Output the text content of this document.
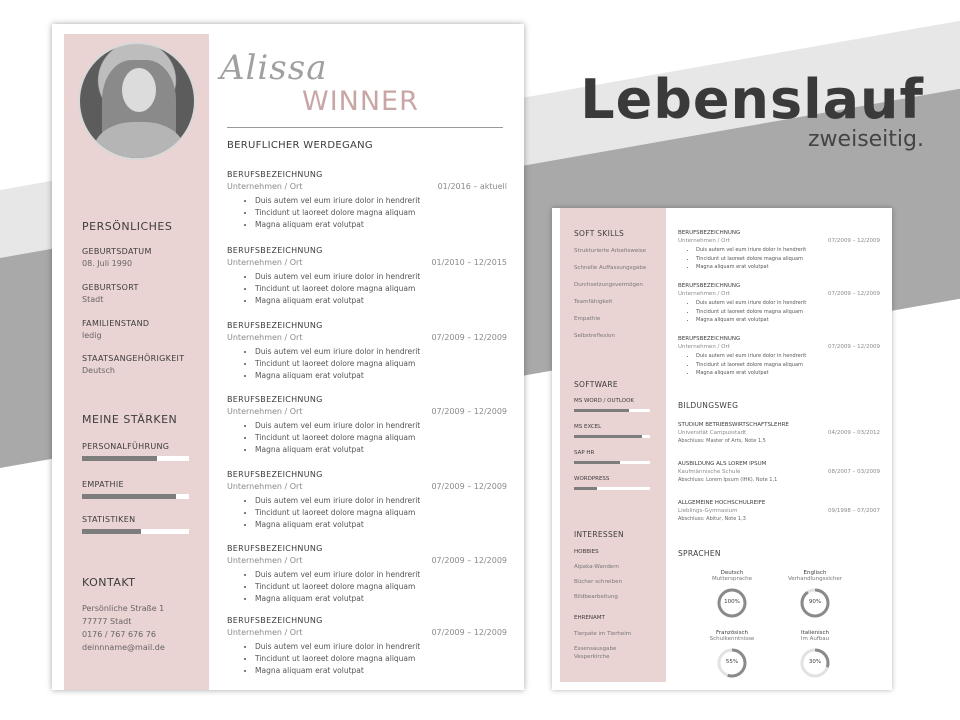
Lebenslauf
zweiseitig.
Alissa
WINNER
BERUFLICHER WERDEGANG
BERUFSBEZEICHNUNG
Unternehmen / Ort	01/2016 – aktuell
• Duis autem vel eum iriure dolor in hendrerit
• Tincidunt ut laoreet dolore magna aliquam
• Magna aliquam erat volutpat
BERUFSBEZEICHNUNG
Unternehmen / Ort	01/2010 – 12/2015
• Duis autem vel eum iriure dolor in hendrerit
• Tincidunt ut laoreet dolore magna aliquam
• Magna aliquam erat volutpat
BERUFSBEZEICHNUNG
Unternehmen / Ort	07/2009 – 12/2009
• Duis autem vel eum iriure dolor in hendrerit
• Tincidunt ut laoreet dolore magna aliquam
• Magna aliquam erat volutpat
BERUFSBEZEICHNUNG
Unternehmen / Ort	07/2009 – 12/2009
• Duis autem vel eum iriure dolor in hendrerit
• Tincidunt ut laoreet dolore magna aliquam
• Magna aliquam erat volutpat
BERUFSBEZEICHNUNG
Unternehmen / Ort	07/2009 – 12/2009
• Duis autem vel eum iriure dolor in hendrerit
• Tincidunt ut laoreet dolore magna aliquam
• Magna aliquam erat volutpat
BERUFSBEZEICHNUNG
Unternehmen / Ort	07/2009 – 12/2009
• Duis autem vel eum iriure dolor in hendrerit
• Tincidunt ut laoreet dolore magna aliquam
• Magna aliquam erat volutpat
BERUFSBEZEICHNUNG
Unternehmen / Ort	07/2009 – 12/2009
• Duis autem vel eum iriure dolor in hendrerit
• Tincidunt ut laoreet dolore magna aliquam
• Magna aliquam erat volutpat
PERSÖNLICHES
GEBURTSDATUM
08. Juli 1990
GEBURTSORT
Stadt
FAMILIENSTAND
ledig
STAATSANGEHÖRIGKEIT
Deutsch
MEINE STÄRKEN
PERSONALFÜHRUNG
EMPATHIE
STATISTIKEN
KONTAKT
Persönliche Straße 1
77777 Stadt
0176 / 767 676 76
deinnname@mail.de
SOFT SKILLS
Strukturierte Arbeitsweise
Schnelle Auffassungsgabe
Durchsetzungsvermögen
Teamfähigkeit
Empathie
Selbstreflexion
SOFTWARE
MS WORD / OUTLOOK
MS EXCEL
SAP HR
WORDPRESS
INTERESSEN
HOBBIES
Alpaka-Wandern
Bücher schreiben
Bildbearbeitung
EHRENAMT
Tierpate im Tierheim
Essensausgabe
Vesperkirche
BERUFSBEZEICHNUNG
Unternehmen / Ort	07/2009 – 12/2009
• Duis autem vel eum iriure dolor in hendrerit
• Tincidunt ut laoreet dolore magna aliquam
• Magna aliquam erat volutpat
BERUFSBEZEICHNUNG
Unternehmen / Ort	07/2009 – 12/2009
• Duis autem vel eum iriure dolor in hendrerit
• Tincidunt ut laoreet dolore magna aliquam
• Magna aliquam erat volutpat
BERUFSBEZEICHNUNG
Unternehmen / Ort	07/2009 – 12/2009
• Duis autem vel eum iriure dolor in hendrerit
• Tincidunt ut laoreet dolore magna aliquam
• Magna aliquam erat volutpat
BILDUNGSWEG
STUDIUM BETRIEBSWIRTSCHAFTSLEHRE
Universität Campusstadt	04/2009 – 03/2012
Abschluss: Master of Arts, Note 1,5
AUSBILDUNG ALS LOREM IPSUM
Kaufmännische Schule	08/2007 – 03/2009
Abschluss: Lorem Ipsum (IHK), Note 1,1
ALLGEMEINE HOCHSCHULREIFE
Lieblings-Gymnasium	09/1998 – 07/2007
Abschluss: Abitur, Note 1,3
SPRACHEN
Deutsch
Muttersprache
100%
Englisch
Verhandlungssicher
90%
Französisch
Schulkenntnisse
55%
Italienisch
Im Aufbau
30%
